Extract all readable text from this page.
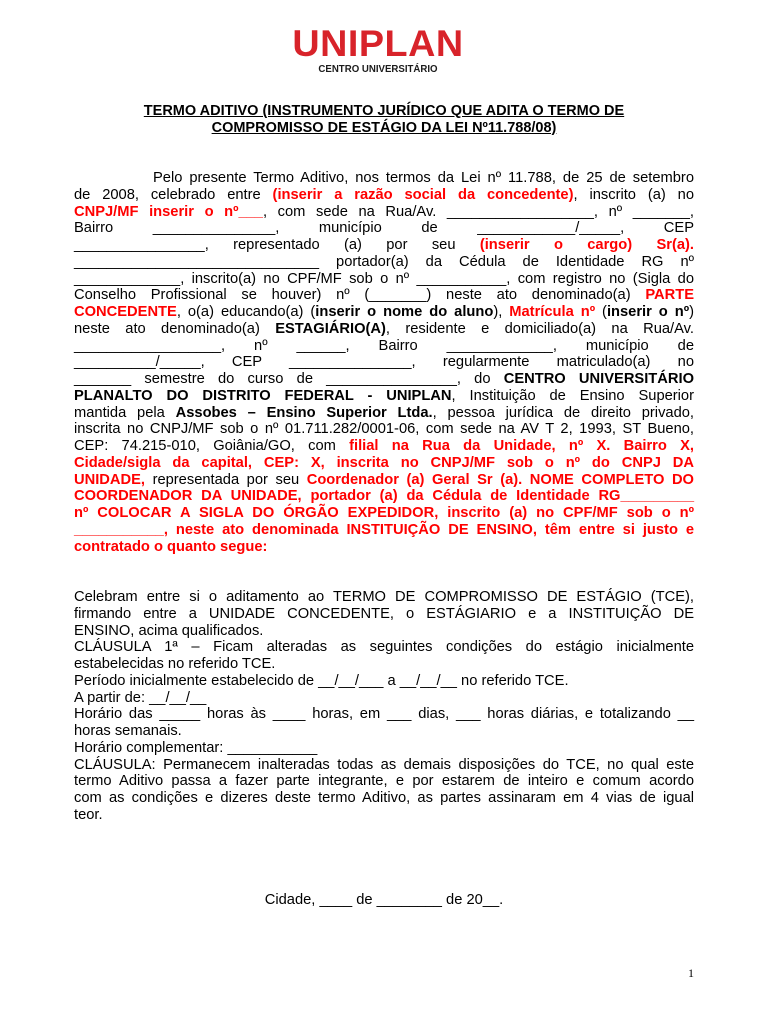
UNIPLAN
CENTRO UNIVERSITÁRIO
TERMO ADITIVO (INSTRUMENTO JURÍDICO QUE ADITA O TERMO DE
COMPROMISSO DE ESTÁGIO DA LEI Nº11.788/08)
Pelo presente Termo Aditivo, nos termos da Lei nº 11.788, de 25 de setembro
de 2008, celebrado entre (inserir a razão social da concedente), inscrito (a) no
CNPJ/MF inserir o nº___, com sede na Rua/Av. __________________, nº _______,
Bairro _______________, município de ____________/_____, CEP
________________, representado (a) por seu (inserir o cargo) Sr(a).
______________________________ portador(a) da Cédula de Identidade RG nº
_____________, inscrito(a) no CPF/MF sob o nº ___________, com registro no (Sigla do
Conselho Profissional se houver) nº (_______) neste ato denominado(a) PARTE
CONCEDENTE, o(a) educando(a) (inserir o nome do aluno), Matrícula nº (inserir o nº)
neste ato denominado(a) ESTAGIÁRIO(A), residente e domiciliado(a) na Rua/Av.
__________________, nº ______, Bairro _____________, município de
__________/_____, CEP _______________, regularmente matriculado(a) no
_______ semestre do curso de ________________, do CENTRO UNIVERSITÁRIO
PLANALTO DO DISTRITO FEDERAL - UNIPLAN, Instituição de Ensino Superior
mantida pela Assobes – Ensino Superior Ltda., pessoa jurídica de direito privado,
inscrita no CNPJ/MF sob o nº 01.711.282/0001-06, com sede na AV T 2, 1993, ST Bueno,
CEP: 74.215-010, Goiânia/GO, com filial na Rua da Unidade, nº X. Bairro X,
Cidade/sigla da capital, CEP: X, inscrita no CNPJ/MF sob o nº do CNPJ DA
UNIDADE, representada por seu Coordenador (a) Geral Sr (a). NOME COMPLETO DO
COORDENADOR DA UNIDADE, portador (a) da Cédula de Identidade RG_________
nº COLOCAR A SIGLA DO ÓRGÃO EXPEDIDOR, inscrito (a) no CPF/MF sob o nº
___________, neste ato denominada INSTITUIÇÃO DE ENSINO, têm entre si justo e
contratado o quanto segue:
Celebram entre si o aditamento ao TERMO DE COMPROMISSO DE ESTÁGIO (TCE),
firmando entre a UNIDADE CONCEDENTE, o ESTÁGIARIO e a INSTITUIÇÃO DE
ENSINO, acima qualificados.
CLÁUSULA 1ª – Ficam alteradas as seguintes condições do estágio inicialmente
estabelecidas no referido TCE.
Período inicialmente estabelecido de __/__/___ a __/__/__ no referido TCE.
A partir de: __/__/__
Horário das _____ horas às ____ horas, em ___ dias, ___ horas diárias, e totalizando __
horas semanais.
Horário complementar: ___________
CLÁUSULA: Permanecem inalteradas todas as demais disposições do TCE, no qual este
termo Aditivo passa a fazer parte integrante, e por estarem de inteiro e comum acordo
com as condições e dizeres deste termo Aditivo, as partes assinaram em 4 vias de igual
teor.
Cidade, ____ de ________ de 20__.
1
